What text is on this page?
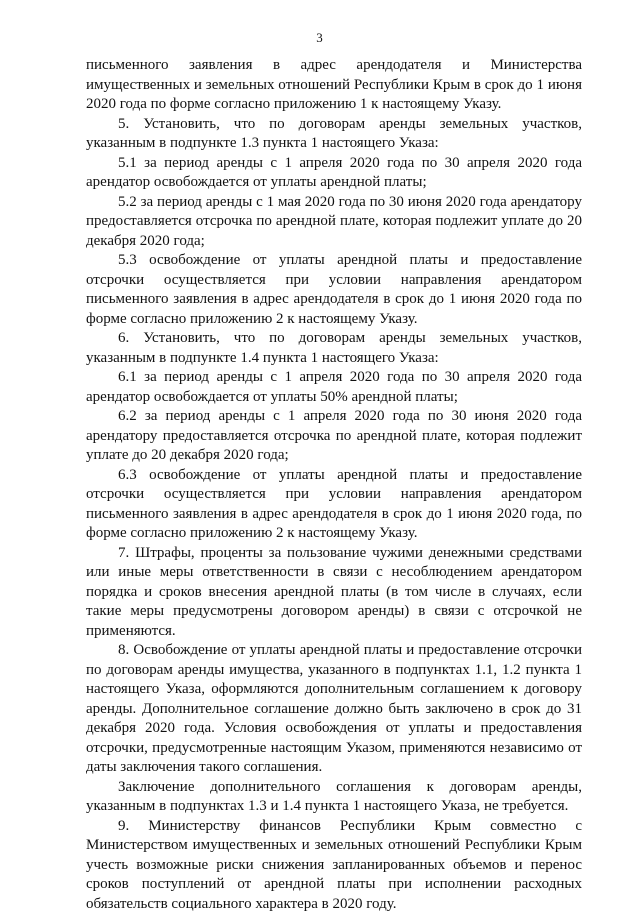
3

письменного заявления в адрес арендодателя и Министерства имущественных и земельных отношений Республики Крым в срок до 1 июня 2020 года по форме согласно приложению 1 к настоящему Указу.

5. Установить, что по договорам аренды земельных участков, указанным в подпункте 1.3 пункта 1 настоящего Указа:

5.1 за период аренды с 1 апреля 2020 года по 30 апреля 2020 года арендатор освобождается от уплаты арендной платы;

5.2 за период аренды с 1 мая 2020 года по 30 июня 2020 года арендатору предоставляется отсрочка по арендной плате, которая подлежит уплате до 20 декабря 2020 года;

5.3 освобождение от уплаты арендной платы и предоставление отсрочки осуществляется при условии направления арендатором письменного заявления в адрес арендодателя в срок до 1 июня 2020 года по форме согласно приложению 2 к настоящему Указу.

6. Установить, что по договорам аренды земельных участков, указанным в подпункте 1.4 пункта 1 настоящего Указа:

6.1 за период аренды с 1 апреля 2020 года по 30 апреля 2020 года арендатор освобождается от уплаты 50% арендной платы;

6.2 за период аренды с 1 апреля 2020 года по 30 июня 2020 года арендатору предоставляется отсрочка по арендной плате, которая подлежит уплате до 20 декабря 2020 года;

6.3 освобождение от уплаты арендной платы и предоставление отсрочки осуществляется при условии направления арендатором письменного заявления в адрес арендодателя в срок до 1 июня 2020 года, по форме согласно приложению 2 к настоящему Указу.

7. Штрафы, проценты за пользование чужими денежными средствами или иные меры ответственности в связи с несоблюдением арендатором порядка и сроков внесения арендной платы (в том числе в случаях, если такие меры предусмотрены договором аренды) в связи с отсрочкой не применяются.

8. Освобождение от уплаты арендной платы и предоставление отсрочки по договорам аренды имущества, указанного в подпунктах 1.1, 1.2 пункта 1 настоящего Указа, оформляются дополнительным соглашением к договору аренды. Дополнительное соглашение должно быть заключено в срок до 31 декабря 2020 года. Условия освобождения от уплаты и предоставления отсрочки, предусмотренные настоящим Указом, применяются независимо от даты заключения такого соглашения.

Заключение дополнительного соглашения к договорам аренды, указанным в подпунктах 1.3 и 1.4 пункта 1 настоящего Указа, не требуется.

9. Министерству финансов Республики Крым совместно с Министерством имущественных и земельных отношений Республики Крым учесть возможные риски снижения запланированных объемов и перенос сроков поступлений от арендной платы при исполнении расходных обязательств социального характера в 2020 году.
